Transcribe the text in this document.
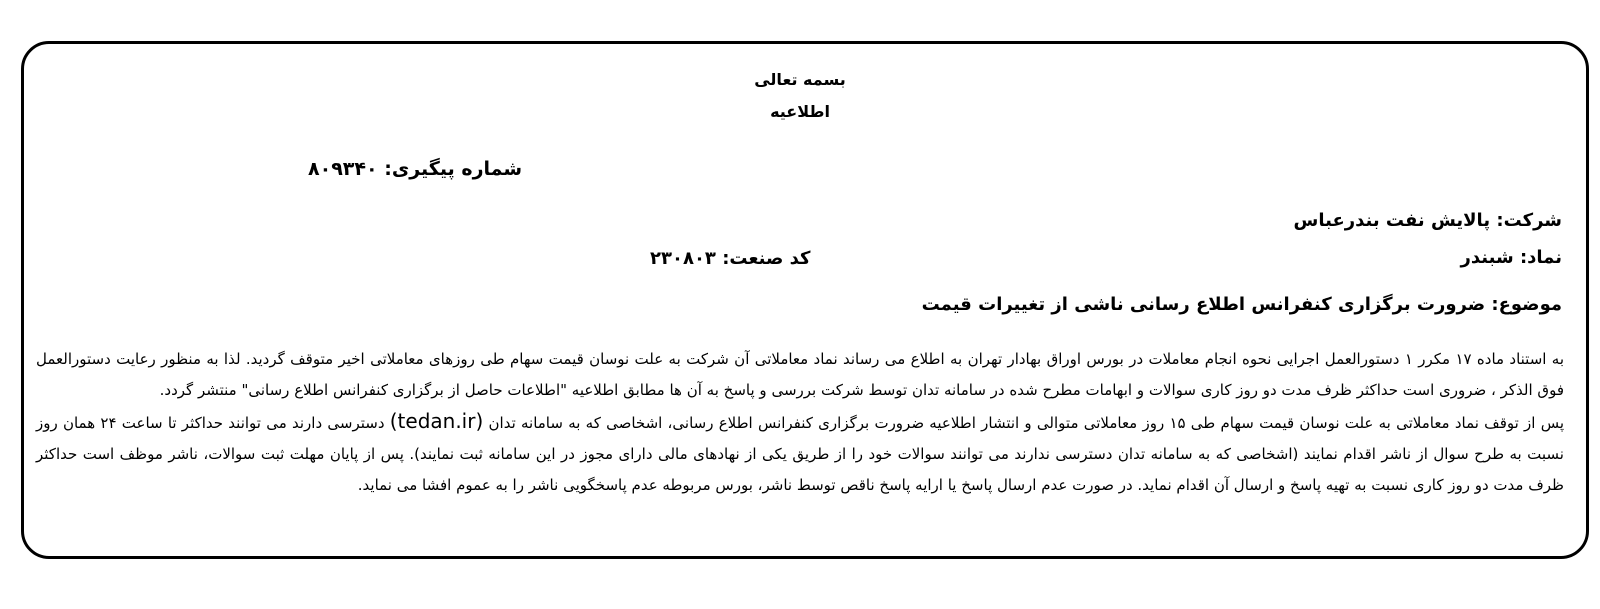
بسمه تعالی
اطلاعیه
شماره پیگیری: ۸۰۹۳۴۰
شرکت: پالایش نفت بندرعباس
نماد: شبندر
کد صنعت: ۲۳۰۸۰۳
موضوع: ضرورت برگزاری کنفرانس اطلاع رسانی ناشی از تغییرات قیمت

به استناد ماده ۱۷ مکرر ۱ دستورالعمل اجرایی نحوه انجام معاملات در بورس اوراق بهادار تهران به اطلاع می رساند نماد معاملاتی آن شرکت به علت نوسان قیمت سهام طی روزهای معاملاتی اخیر متوقف گردید. لذا به منظور رعایت دستورالعمل فوق الذکر ، ضروری است حداکثر ظرف مدت دو روز کاری سوالات و ابهامات مطرح شده در سامانه تدان توسط شرکت بررسی و پاسخ به آن ها مطابق اطلاعیه "اطلاعات حاصل از برگزاری کنفرانس اطلاع رسانی" منتشر گردد.

پس از توقف نماد معاملاتی به علت نوسان قیمت سهام طی ۱۵ روز معاملاتی متوالی و انتشار اطلاعیه ضرورت برگزاری کنفرانس اطلاع رسانی، اشخاصی که به سامانه تدان (tedan.ir) دسترسی دارند می توانند حداکثر تا ساعت ۲۴ همان روز نسبت به طرح سوال از ناشر اقدام نمایند (اشخاصی که به سامانه تدان دسترسی ندارند می توانند سوالات خود را از طریق یکی از نهادهای مالی دارای مجوز در این سامانه ثبت نمایند). پس از پایان مهلت ثبت سوالات، ناشر موظف است حداکثر ظرف مدت دو روز کاری نسبت به تهیه پاسخ و ارسال آن اقدام نماید. در صورت عدم ارسال پاسخ یا ارایه پاسخ ناقص توسط ناشر، بورس مربوطه عدم پاسخگویی ناشر را به عموم افشا می نماید.
